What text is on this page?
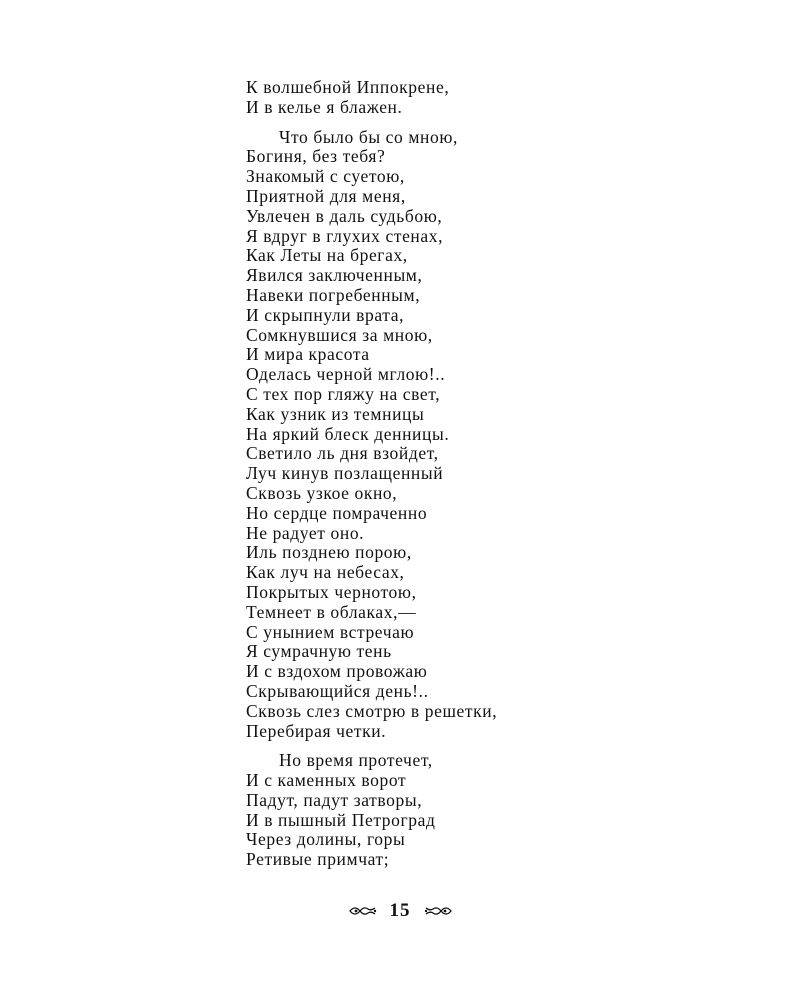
К волшебной Иппокрене,
И в келье я блажен.
Что было бы со мною,
Богиня, без тебя?
Знакомый с суетою,
Приятной для меня,
Увлечен в даль судьбою,
Я вдруг в глухих стенах,
Как Леты на брегах,
Явился заключенным,
Навеки погребенным,
И скрыпнули врата,
Сомкнувшися за мною,
И мира красота
Оделась черной мглою!..
С тех пор гляжу на свет,
Как узник из темницы
На яркий блеск денницы.
Светило ль дня взойдет,
Луч кинув позлащенный
Сквозь узкое окно,
Но сердце помраченно
Не радует оно.
Иль позднею порою,
Как луч на небесах,
Покрытых чернотою,
Темнеет в облаках,—
С унынием встречаю
Я сумрачную тень
И с вздохом провожаю
Скрывающийся день!..
Сквозь слез смотрю в решетки,
Перебирая четки.
Но время протечет,
И с каменных ворот
Падут, падут затворы,
И в пышный Петроград
Через долины, горы
Ретивые примчат;
15
